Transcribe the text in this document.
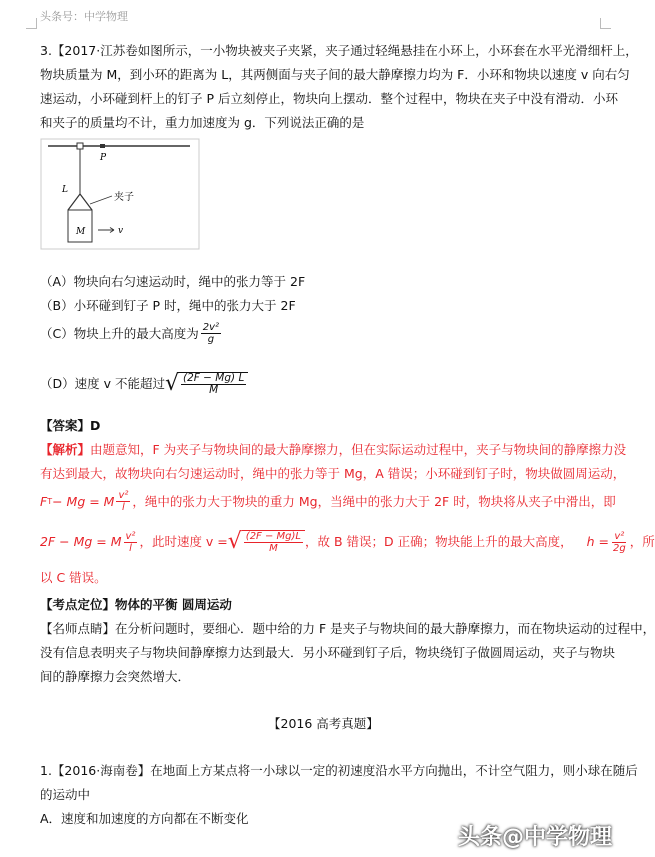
头条号：中学物理
3.【2017·江苏卷如图所示，一小物块被夹子夹紧，夹子通过轻绳悬挂在小环上，小环套在水平光滑细杆上，
物块质量为 M，到小环的距离为 L，其两侧面与夹子间的最大静摩擦力均为 F．小环和物块以速度 v 向右匀
速运动，小环碰到杆上的钉子 P 后立刻停止，物块向上摆动．整个过程中，物块在夹子中没有滑动．小环
和夹子的质量均不计，重力加速度为 g．下列说法正确的是
P
L
夹子
M	v
（A）物块向右匀速运动时，绳中的张力等于 2F
（B）小环碰到钉子 P 时，绳中的张力大于 2F
（C）物块上升的最大高度为 $\frac{\text{2v²}}{g}$
（D）速度 v 不能超过 √ $\frac{(2F - Mg) L}{M}$
【答案】D
【解析】由题意知，F 为夹子与物块间的最大静摩擦力，但在实际运动过程中，夹子与物块间的静摩擦力没
有达到最大，故物块向右匀速运动时，绳中的张力等于 Mg，A 错误；小环碰到钉子时，物块做圆周运动，
F T − Mg = M $\frac{\text{v²}}{l}$ ，绳中的张力大于物块的重力 Mg，当绳中的张力大于 2F 时，物块将从夹子中滑出，即
2F − Mg = M $\frac{\text{v²}}{l}$ ，此时速度 v = √ $\frac{(2F - Mg)L}{M}$ ，故 B 错误；D 正确；物块能上升的最大高度， $h = \frac{\text{v²}}{2g}$ ，所
以 C 错误。
【考点定位】物体的平衡 圆周运动
【名师点睛】在分析问题时，要细心．题中给的力 F 是夹子与物块间的最大静摩擦力，而在物块运动的过程中，
没有信息表明夹子与物块间静摩擦力达到最大．另小环碰到钉子后，物块绕钉子做圆周运动，夹子与物块
间的静摩擦力会突然增大．
【2016 高考真题】
1.【2016·海南卷】在地面上方某点将一小球以一定的初速度沿水平方向抛出，不计空气阻力，则小球在随后
的运动中
A．速度和加速度的方向都在不断变化
头条@中学物理
